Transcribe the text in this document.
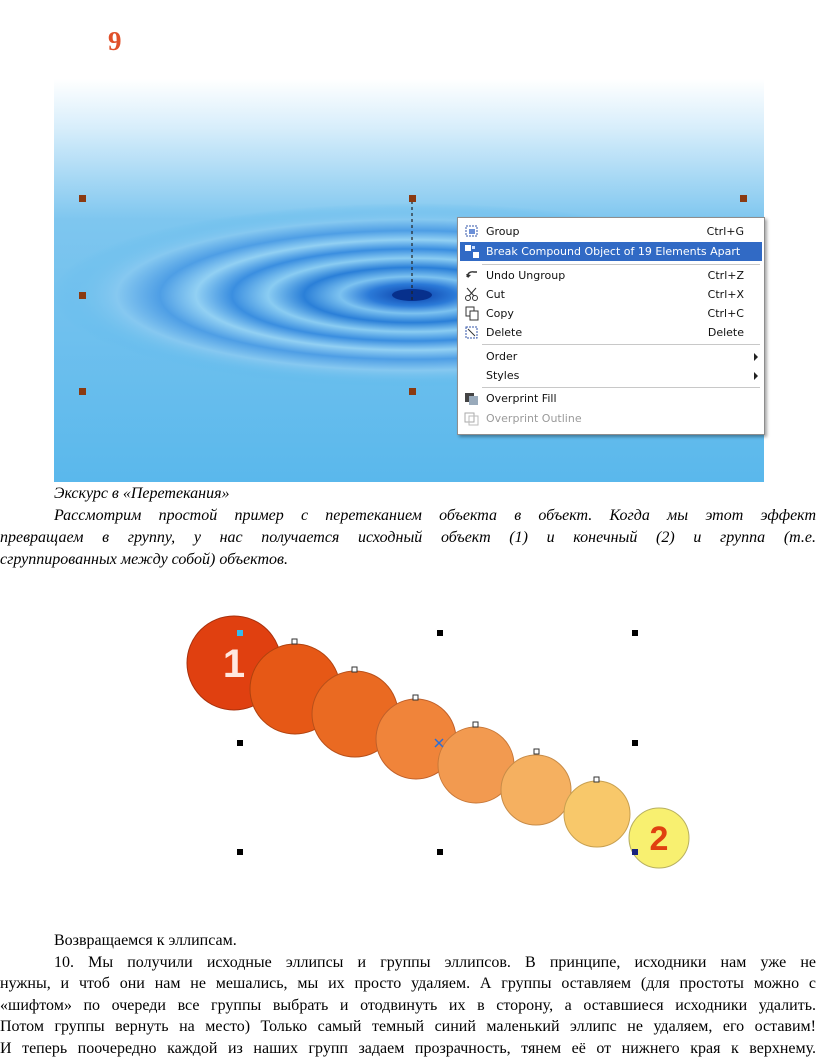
9
Group	Ctrl+G
Break Compound Object of 19 Elements Apart
Undo Ungroup	Ctrl+Z
Cut	Ctrl+X
Copy	Ctrl+C
Delete	Delete
Order
Styles
Overprint Fill
Overprint Outline
Экскурс в «Перетекания»
Рассмотрим простой пример с перетеканием объекта в объект. Когда мы этот эффект
превращаем в группу, у нас получается исходный объект (1) и конечный (2) и группа (т.е.
сгруппированных между собой) объектов.
1
2
Возвращаемся к эллипсам.
10. Мы получили исходные эллипсы и группы эллипсов. В принципе, исходники нам уже не
нужны, и чтоб они нам не мешались, мы их просто удаляем. А группы оставляем (для простоты можно с
«шифтом» по очереди все группы выбрать и отодвинуть их в сторону, а оставшиеся исходники удалить.
Потом группы вернуть на место) Только самый темный синий маленький эллипс не удаляем, его оставим!
И теперь поочередно каждой из наших групп задаем прозрачность, тянем её от нижнего края к верхнему.
